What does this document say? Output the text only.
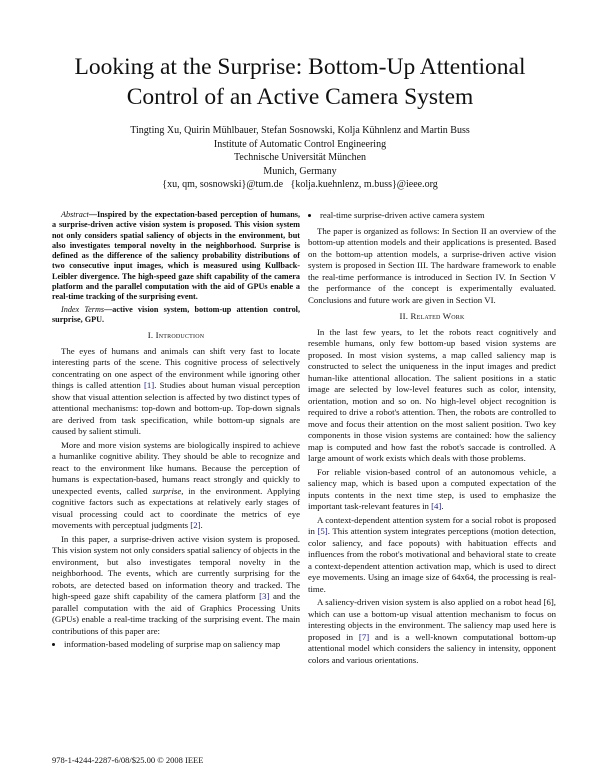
Looking at the Surprise: Bottom-Up Attentional
Control of an Active Camera System
Tingting Xu, Quirin Mühlbauer, Stefan Sosnowski, Kolja Kühnlenz and Martin Buss
Institute of Automatic Control Engineering
Technische Universität München
Munich, Germany
{xu, qm, sosnowski}@tum.de   {kolja.kuehnlenz, m.buss}@ieee.org

Abstract—Inspired by the expectation-based perception of humans, a surprise-driven active vision system is proposed. This vision system not only considers spatial saliency of objects in the environment, but also investigates temporal novelty in the neighborhood. Surprise is defined as the difference of the saliency probability distributions of two consecutive input images, which is measured using Kullback-Leibler divergence. The high-speed gaze shift capability of the camera platform and the parallel computation with the aid of GPUs enable a real-time tracking of the surprising event.

Index Terms—active vision system, bottom-up attention control, surprise, GPU.

I. Introduction

The eyes of humans and animals can shift very fast to locate interesting parts of the scene. This cognitive process of selectively concentrating on one aspect of the environment while ignoring other things is called attention [1]. Studies about human visual perception show that visual attention selection is affected by two distinct types of attentional mechanisms: top-down and bottom-up. Top-down signals are derived from task specification, while bottom-up signals are caused by salient stimuli.

More and more vision systems are biologically inspired to achieve a humanlike cognitive ability. They should be able to recognize and react to the environment like humans. Because the perception of humans is expectation-based, humans react strongly and quickly to unexpected events, called surprise, in the environment. Applying cognitive factors such as expectations at relatively early stages of visual processing could act to coordinate the metrics of eye movements with perceptual judgments [2].

In this paper, a surprise-driven active vision system is proposed. This vision system not only considers spatial saliency of objects in the environment, but also investigates temporal novelty in the neighborhood. The events, which are currently surprising for the robots, are detected based on information theory and tracked. The high-speed gaze shift capability of the camera platform [3] and the parallel computation with the aid of Graphics Processing Units (GPUs) enable a real-time tracking of the surprising event. The main contributions of this paper are:

• information-based modeling of surprise map on saliency map
• real-time surprise-driven active camera system

The paper is organized as follows: In Section II an overview of the bottom-up attention models and their applications is presented. Based on the bottom-up attention models, a surprise-driven active vision system is proposed in Section III. The hardware framework to enable the real-time performance is introduced in Section IV. In Section V the performance of the concept is experimentally evaluated. Conclusions and future work are given in Section VI.

II. Related Work

In the last few years, to let the robots react cognitively and resemble humans, only few bottom-up based vision systems are proposed. In most vision systems, a map called saliency map is constructed to select the uniqueness in the input images and predict human-like attentional allocation. The salient positions in a static image are selected by low-level features such as color, intensity, orientation, motion and so on. No high-level object recognition is required to drive a robot's attention. Then, the robots are controlled to move and focus their attention on the most salient position. Two key components in those vision systems are contained: how the saliency map is computed and how fast the robot's saccade is controlled. A large amount of work exists which deals with those problems.

For reliable vision-based control of an autonomous vehicle, a saliency map, which is based upon a computed expectation of the inputs contents in the next time step, is used to emphasize the important task-relevant features in [4].

A context-dependent attention system for a social robot is proposed in [5]. This attention system integrates perceptions (motion detection, color saliency, and face popouts) with habituation effects and influences from the robot's motivational and behavioral state to create a context-dependent attention activation map, which is used to direct eye movements. Using an image size of 64x64, the processing is real-time.

A saliency-driven vision system is also applied on a robot head [6], which can use a bottom-up visual attention mechanism to focus on interesting objects in the environment. The saliency map used here is proposed in [7] and is a well-known computational bottom-up attentional model which considers the saliency in intensity, opponent colors and various orientations.

978-1-4244-2287-6/08/$25.00 © 2008 IEEE
